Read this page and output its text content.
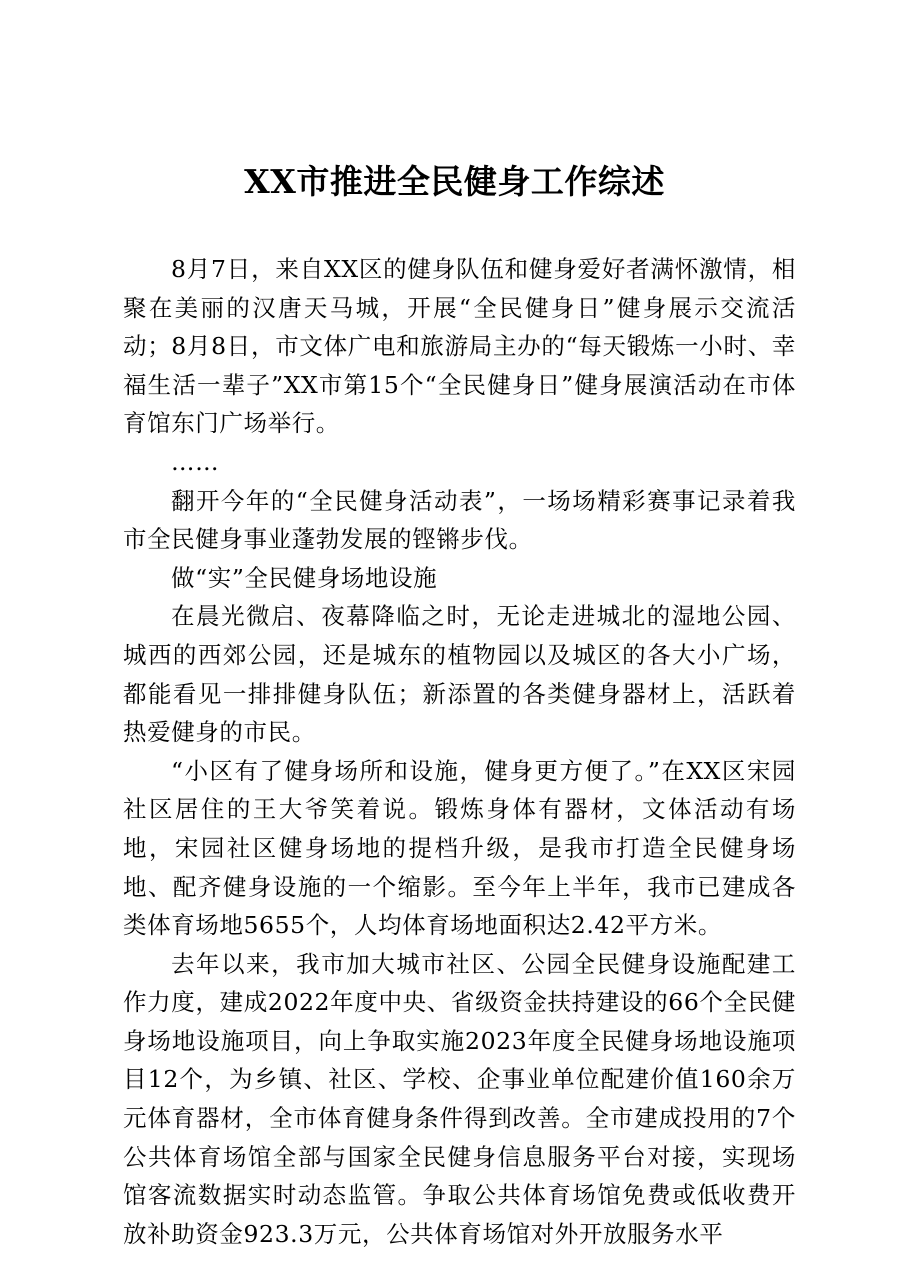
XX市推进全民健身工作综述

8月7日，来自XX区的健身队伍和健身爱好者满怀激情，相聚在美丽的汉唐天马城，开展“全民健身日”健身展示交流活动；8月8日，市文体广电和旅游局主办的“每天锻炼一小时、幸福生活一辈子”XX市第15个“全民健身日”健身展演活动在市体育馆东门广场举行。

……

翻开今年的“全民健身活动表”，一场场精彩赛事记录着我市全民健身事业蓬勃发展的铿锵步伐。

做“实”全民健身场地设施

在晨光微启、夜幕降临之时，无论走进城北的湿地公园、城西的西郊公园，还是城东的植物园以及城区的各大小广场，都能看见一排排健身队伍；新添置的各类健身器材上，活跃着热爱健身的市民。

“小区有了健身场所和设施，健身更方便了。”在XX区宋园社区居住的王大爷笑着说。锻炼身体有器材，文体活动有场地，宋园社区健身场地的提档升级，是我市打造全民健身场地、配齐健身设施的一个缩影。至今年上半年，我市已建成各类体育场地5655个，人均体育场地面积达2.42平方米。

去年以来，我市加大城市社区、公园全民健身设施配建工作力度，建成2022年度中央、省级资金扶持建设的66个全民健身场地设施项目，向上争取实施2023年度全民健身场地设施项目12个，为乡镇、社区、学校、企事业单位配建价值160余万元体育器材，全市体育健身条件得到改善。全市建成投用的7个公共体育场馆全部与国家全民健身信息服务平台对接，实现场馆客流数据实时动态监管。争取公共体育场馆免费或低收费开放补助资金923.3万元，公共体育场馆对外开放服务水平
